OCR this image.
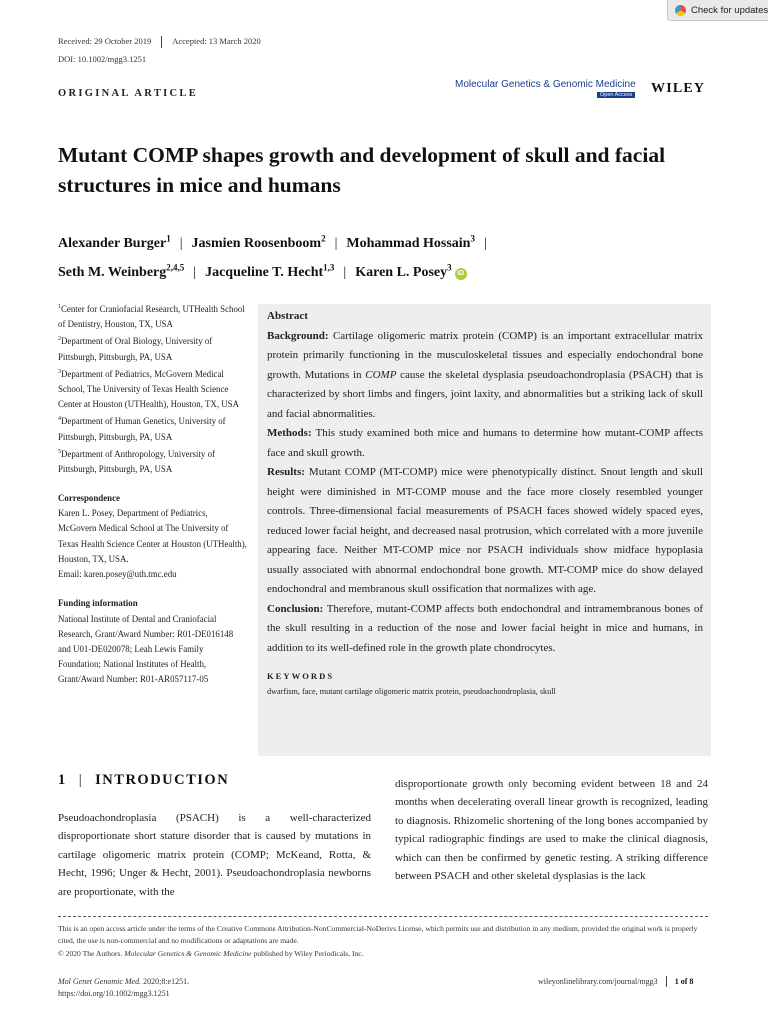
Check for updates
Received: 29 October 2019 Accepted: 13 March 2020
DOI: 10.1002/mgg3.1251
ORIGINAL ARTICLE
Molecular Genetics & Genomic Medicine
Open Access WILEY
Mutant COMP shapes growth and development of skull and facial structures in mice and humans
Alexander Burger$^1$ | Jasmien Roosenboom$^2$ | Mohammad Hossain$^3$ |
Seth M. Weinberg$^{2,4,5}$ | Jacqueline T. Hecht$^{1,3}$ | Karen L. Posey$^3$iD

$^1$Center for Craniofacial Research, UTHealth School of Dentistry, Houston, TX, USA

$^2$Department of Oral Biology, University of Pittsburgh, Pittsburgh, PA, USA

$^3$Department of Pediatrics, McGovern Medical School, The University of Texas Health Science Center at Houston (UTHealth), Houston, TX, USA

$^4$Department of Human Genetics, University of Pittsburgh, Pittsburgh, PA, USA

$^5$Department of Anthropology, University of Pittsburgh, Pittsburgh, PA, USA

Correspondence
Karen L. Posey, Department of Pediatrics, McGovern Medical School at The University of Texas Health Science Center at Houston (UTHealth), Houston, TX, USA.
Email: karen.posey@uth.tmc.edu
Funding information
National Institute of Dental and Craniofacial Research, Grant/Award Number: R01-DE016148 and U01-DE020078; Leah Lewis Family Foundation; National Institutes of Health, Grant/Award Number: R01-AR057117-05
Abstract

Background: Cartilage oligomeric matrix protein (COMP) is an important extracellular matrix protein primarily functioning in the musculoskeletal tissues and especially endochondral bone growth. Mutations in COMP cause the skeletal dysplasia pseudoachondroplasia (PSACH) that is characterized by short limbs and fingers, joint laxity, and abnormalities but a striking lack of skull and facial abnormalities.

Methods: This study examined both mice and humans to determine how mutant-COMP affects face and skull growth.

Results: Mutant COMP (MT-COMP) mice were phenotypically distinct. Snout length and skull height were diminished in MT-COMP mouse and the face more closely resembled younger controls. Three-dimensional facial measurements of PSACH faces showed widely spaced eyes, reduced lower facial height, and decreased nasal protrusion, which correlated with a more juvenile appearing face. Neither MT-COMP mice nor PSACH individuals show midface hypoplasia usually associated with abnormal endochondral bone growth. MT-COMP mice do show delayed endochondral and membranous skull ossification that normalizes with age.

Conclusion: Therefore, mutant-COMP affects both endochondral and intramembranous bones of the skull resulting in a reduction of the nose and lower facial height in mice and humans, in addition to its well-defined role in the growth plate chondrocytes.

KEYWORDS
dwarfism, face, mutant cartilage oligomeric matrix protein, pseudoachondroplasia, skull
1 | INTRODUCTION
Pseudoachondroplasia (PSACH) is a well-characterized disproportionate short stature disorder that is caused by mutations in cartilage oligomeric matrix protein (COMP; McKeand, Rotta, & Hecht, 1996; Unger & Hecht, 2001). Pseudoachondroplasia newborns are proportionate, with the
disproportionate growth only becoming evident between 18 and 24 months when decelerating overall linear growth is recognized, leading to diagnosis. Rhizomelic shortening of the long bones accompanied by typical radiographic findings are used to make the clinical diagnosis, which can then be confirmed by genetic testing. A striking difference between PSACH and other skeletal dysplasias is the lack
This is an open access article under the terms of the Creative Commons Attribution-NonCommercial-NoDerivs License, which permits use and distribution in any medium, provided the original work is properly cited, the use is non-commercial and no modifications or adaptations are made.
© 2020 The Authors. Molecular Genetics & Genomic Medicine published by Wiley Periodicals, Inc.
Mol Genet Genomic Med. 2020;8:e1251.
https://doi.org/10.1002/mgg3.1251
wileyonlinelibrary.com/journal/mgg3 1 of 8
